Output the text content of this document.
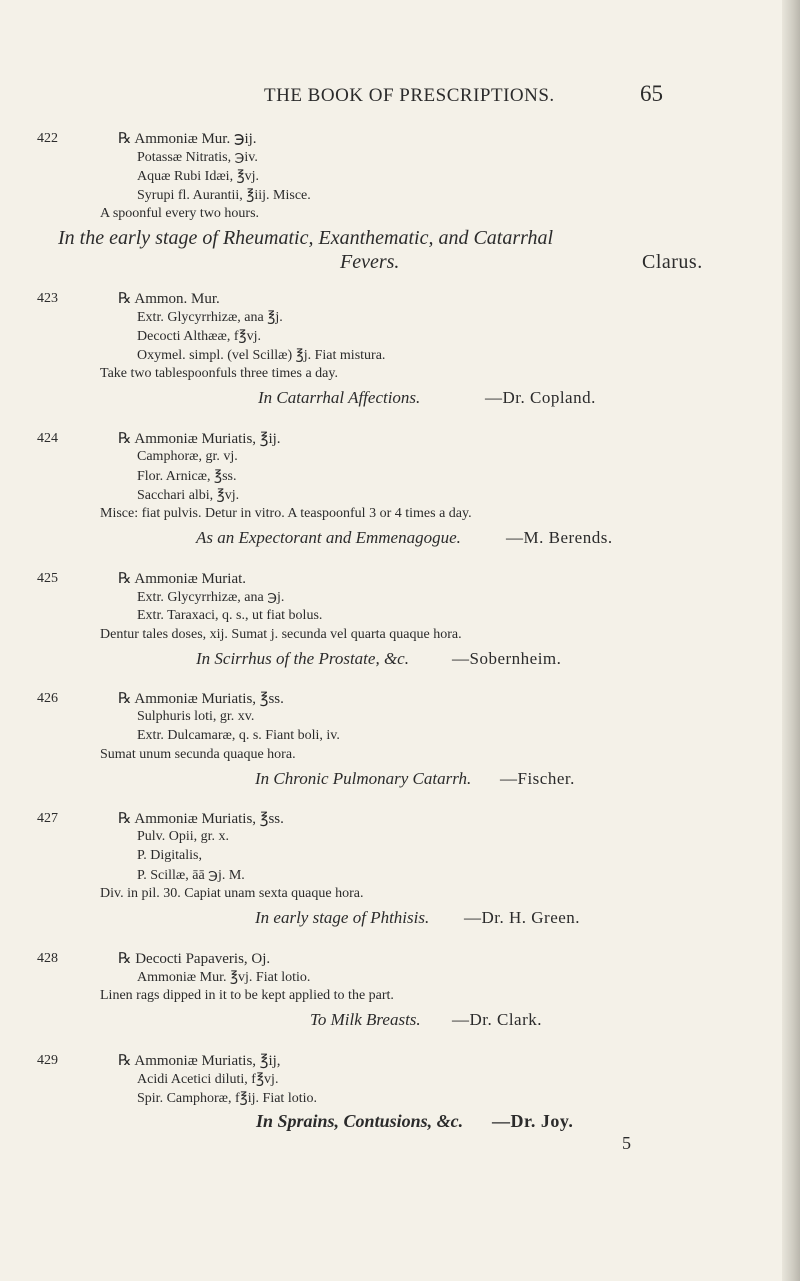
THE BOOK OF PRESCRIPTIONS.	65
422	℞ Ammoniæ Mur. ℈ij.
Potassæ Nitratis, ℈iv.
Aquæ Rubi Idæi, ℥vj.
Syrupi fl. Aurantii, ℥iij. Misce.
A spoonful every two hours.
In the early stage of Rheumatic, Exanthematic, and Catarrhal
Fevers.	Clarus.
423	℞ Ammon. Mur.
Extr. Glycyrrhizæ, ana ℥j.
Decocti Althææ, f℥vj.
Oxymel. simpl. (vel Scillæ) ℥j. Fiat mistura.
Take two tablespoonfuls three times a day.
In Catarrhal Affections.	—Dr. Copland.
424	℞ Ammoniæ Muriatis, ℥ij.
Camphoræ, gr. vj.
Flor. Arnicæ, ℥ss.
Sacchari albi, ℥vj.
Misce: fiat pulvis. Detur in vitro. A teaspoonful 3 or 4 times a day.
As an Expectorant and Emmenagogue.	—M. Berends.
425	℞ Ammoniæ Muriat.
Extr. Glycyrrhizæ, ana ℈j.
Extr. Taraxaci, q. s., ut fiat bolus.
Dentur tales doses, xij. Sumat j. secunda vel quarta quaque hora.
In Scirrhus of the Prostate, &c.	—Sobernheim.
426	℞ Ammoniæ Muriatis, ℥ss.
Sulphuris loti, gr. xv.
Extr. Dulcamaræ, q. s. Fiant boli, iv.
Sumat unum secunda quaque hora.
In Chronic Pulmonary Catarrh. —Fischer.
427	℞ Ammoniæ Muriatis, ℥ss.
Pulv. Opii, gr. x.
P. Digitalis,
P. Scillæ, āā ℈j. M.
Div. in pil. 30. Capiat unam sexta quaque hora.
In early stage of Phthisis. —Dr. H. Green.
428	℞ Decocti Papaveris, Oj.
Ammoniæ Mur. ℥vj. Fiat lotio.
Linen rags dipped in it to be kept applied to the part.
To Milk Breasts. —Dr. Clark.
429	℞ Ammoniæ Muriatis, ℥ij,
Acidi Acetici diluti, f℥vj.
Spir. Camphoræ, f℥ij. Fiat lotio.
In Sprains, Contusions, &c. —Dr. Joy.
5
